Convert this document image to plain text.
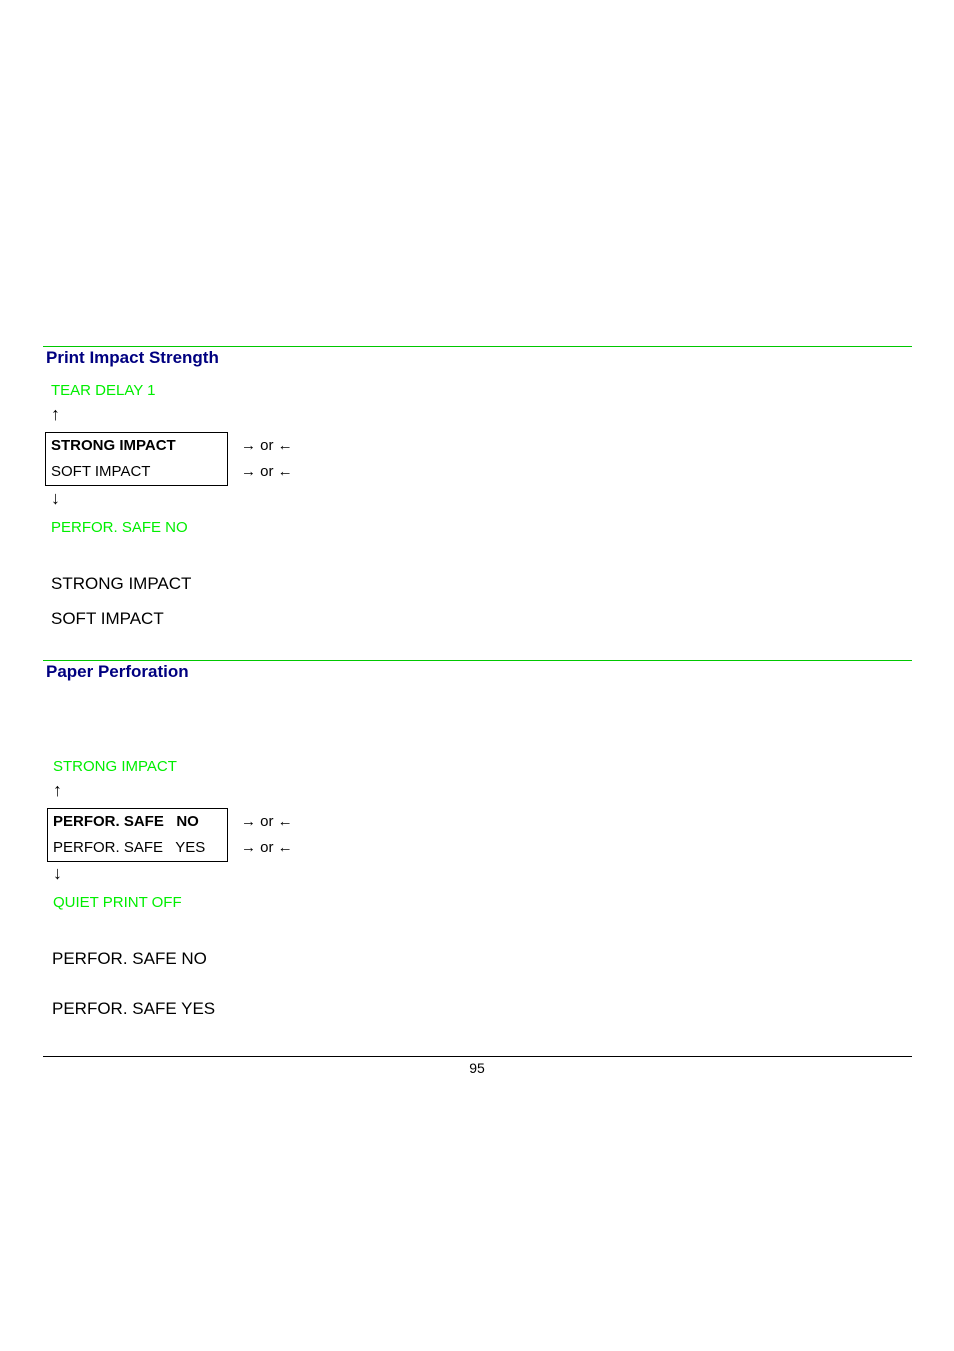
Print Impact Strength
TEAR DELAY 1
↑
STRONG IMPACT
SOFT IMPACT
→ or ←
→ or ←
↓
PERFOR. SAFE NO
STRONG IMPACT
SOFT IMPACT
Paper Perforation
STRONG IMPACT
↑
PERFOR. SAFE   NO
PERFOR. SAFE   YES
→ or ←
→ or ←
↓
QUIET PRINT OFF
PERFOR. SAFE NO
PERFOR. SAFE YES
95
